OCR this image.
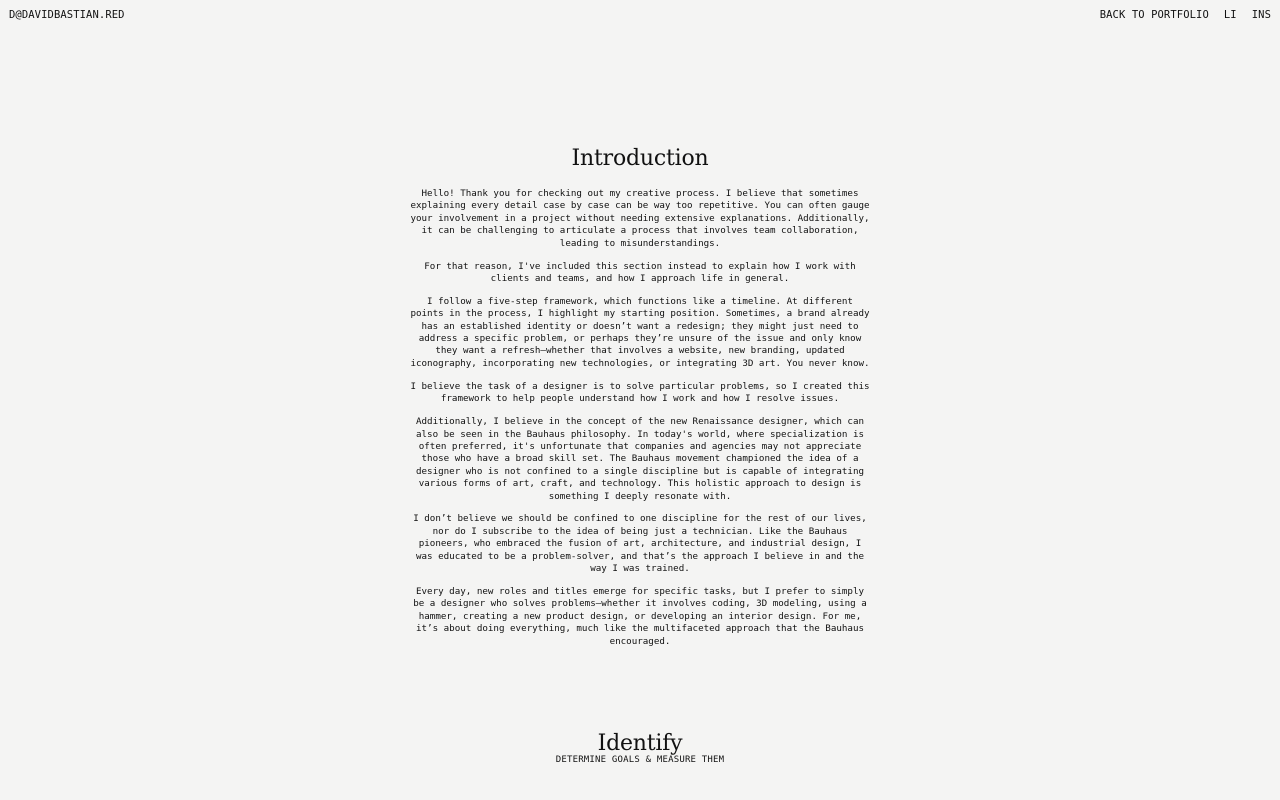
D@DAVIDBASTIAN.RED	BACK TO PORTFOLIO LI INS
Introduction

Hello! Thank you for checking out my creative process. I believe that sometimes explaining every detail case by case can be way too repetitive. You can often gauge your involvement in a project without needing extensive explanations. Additionally, it can be challenging to articulate a process that involves team collaboration, leading to misunderstandings.

For that reason, I've included this section instead to explain how I work with clients and teams, and how I approach life in general.

I follow a five-step framework, which functions like a timeline. At different points in the process, I highlight my starting position. Sometimes, a brand already has an established identity or doesn’t want a redesign; they might just need to address a specific problem, or perhaps they’re unsure of the issue and only know they want a refresh—whether that involves a website, new branding, updated iconography, incorporating new technologies, or integrating 3D art. You never know.

I believe the task of a designer is to solve particular problems, so I created this framework to help people understand how I work and how I resolve issues.

Additionally, I believe in the concept of the new Renaissance designer, which can also be seen in the Bauhaus philosophy. In today's world, where specialization is often preferred, it's unfortunate that companies and agencies may not appreciate those who have a broad skill set. The Bauhaus movement championed the idea of a designer who is not confined to a single discipline but is capable of integrating various forms of art, craft, and technology. This holistic approach to design is something I deeply resonate with.

I don’t believe we should be confined to one discipline for the rest of our lives, nor do I subscribe to the idea of being just a technician. Like the Bauhaus pioneers, who embraced the fusion of art, architecture, and industrial design, I was educated to be a problem-solver, and that’s the approach I believe in and the way I was trained.

Every day, new roles and titles emerge for specific tasks, but I prefer to simply be a designer who solves problems—whether it involves coding, 3D modeling, using a hammer, creating a new product design, or developing an interior design. For me, it’s about doing everything, much like the multifaceted approach that the Bauhaus encouraged.

Identify
DETERMINE GOALS & MEASURE THEM
